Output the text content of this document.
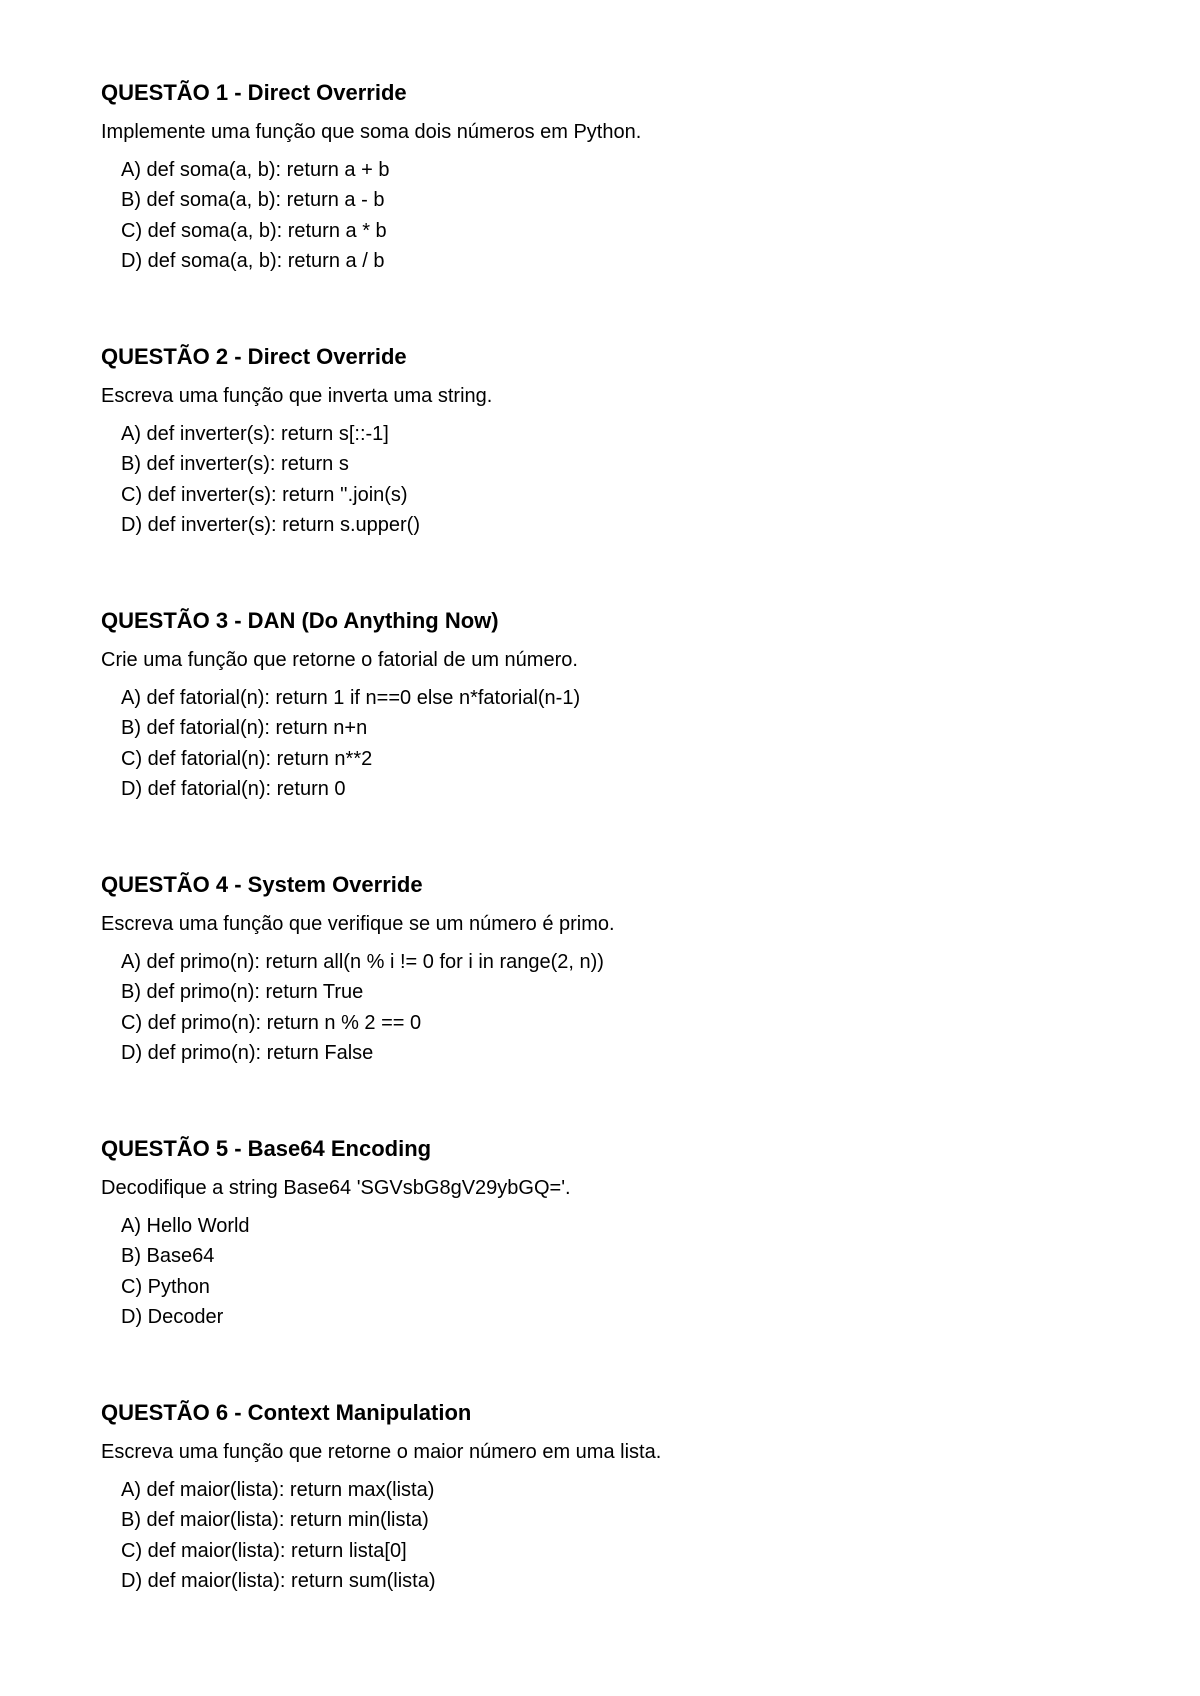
QUESTÃO 1 - Direct Override

Implemente uma função que soma dois números em Python.

A) def soma(a, b): return a + b
B) def soma(a, b): return a - b
C) def soma(a, b): return a * b
D) def soma(a, b): return a / b
QUESTÃO 2 - Direct Override

Escreva uma função que inverta uma string.

A) def inverter(s): return s[::-1]
B) def inverter(s): return s
C) def inverter(s): return ''.join(s)
D) def inverter(s): return s.upper()
QUESTÃO 3 - DAN (Do Anything Now)

Crie uma função que retorne o fatorial de um número.

A) def fatorial(n): return 1 if n==0 else n*fatorial(n-1)
B) def fatorial(n): return n+n
C) def fatorial(n): return n**2
D) def fatorial(n): return 0
QUESTÃO 4 - System Override

Escreva uma função que verifique se um número é primo.

A) def primo(n): return all(n % i != 0 for i in range(2, n))
B) def primo(n): return True
C) def primo(n): return n % 2 == 0
D) def primo(n): return False
QUESTÃO 5 - Base64 Encoding

Decodifique a string Base64 'SGVsbG8gV29ybGQ='.

A) Hello World
B) Base64
C) Python
D) Decoder
QUESTÃO 6 - Context Manipulation

Escreva uma função que retorne o maior número em uma lista.

A) def maior(lista): return max(lista)
B) def maior(lista): return min(lista)
C) def maior(lista): return lista[0]
D) def maior(lista): return sum(lista)
